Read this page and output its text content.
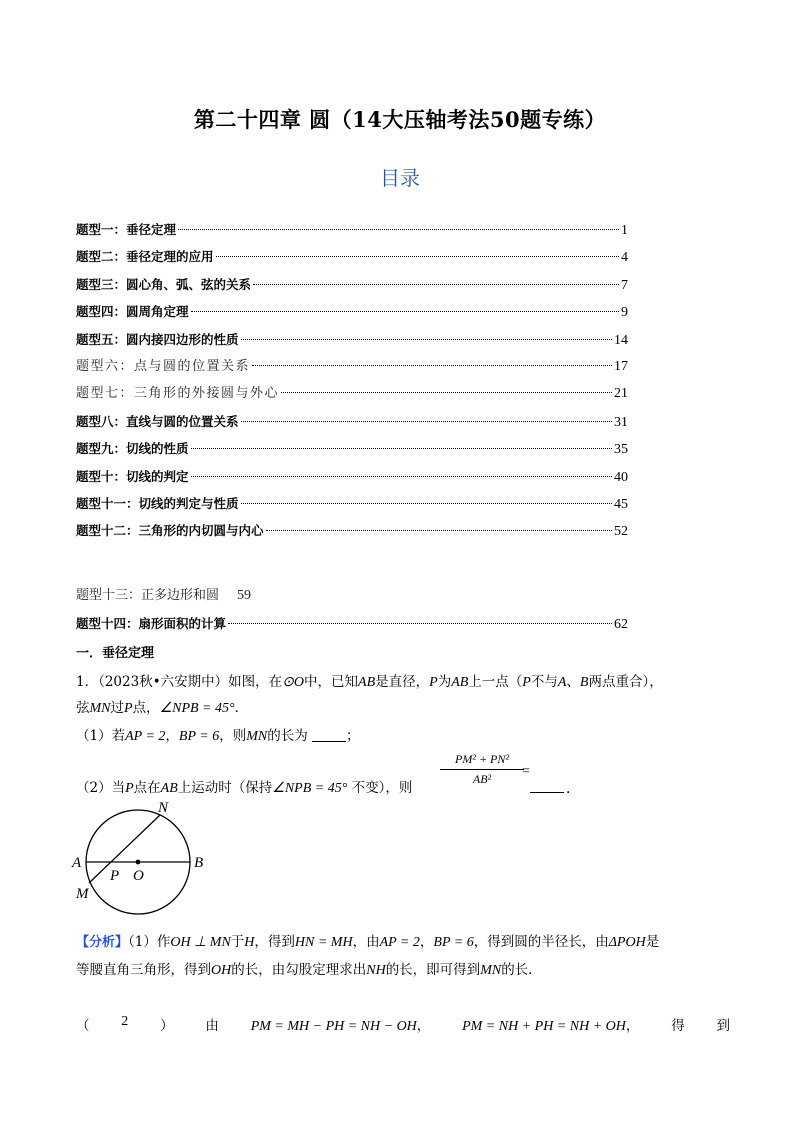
第二十四章 圆（14大压轴考法50题专练）
目录
题型一：垂径定理	1
题型二：垂径定理的应用	4
题型三：圆心角、弧、弦的关系	7
题型四：圆周角定理	9
题型五：圆内接四边形的性质	14
题型六：点与圆的位置关系	17
题型七：三角形的外接圆与外心	21
题型八：直线与圆的位置关系	31
题型九：切线的性质	35
题型十：切线的判定	40
题型十一：切线的判定与性质	45
题型十二：三角形的内切圆与内心	52
题型十三：正多边形和圆 59
题型十四：扇形面积的计算	62
一．垂径定理
1．（2023秋•六安期中）如图，在⊙O中，已知AB是直径，P为AB上一点（P不与A、B两点重合），
弦MN过P点，∠NPB = 45°．
（1）若AP = 2，BP = 6，则MN的长为	；
（2）当P点在AB上运动时（保持∠NPB = 45° 不变），则
$\frac{\text{PM² + PN²}}{\text{AB²}}$
=
．
N
A	B
P O
M
【分析】（1）作OH ⊥ MN于H，得到HN = MH，由AP = 2，BP = 6，得到圆的半径长，由ΔPOH是
等腰直角三角形，得到OH的长，由勾股定理求出NH的长，即可得到MN的长．
（ 2 ） 由 PM = MH − PH = NH − OH， PM = NH + PH = NH + OH， 得 到
